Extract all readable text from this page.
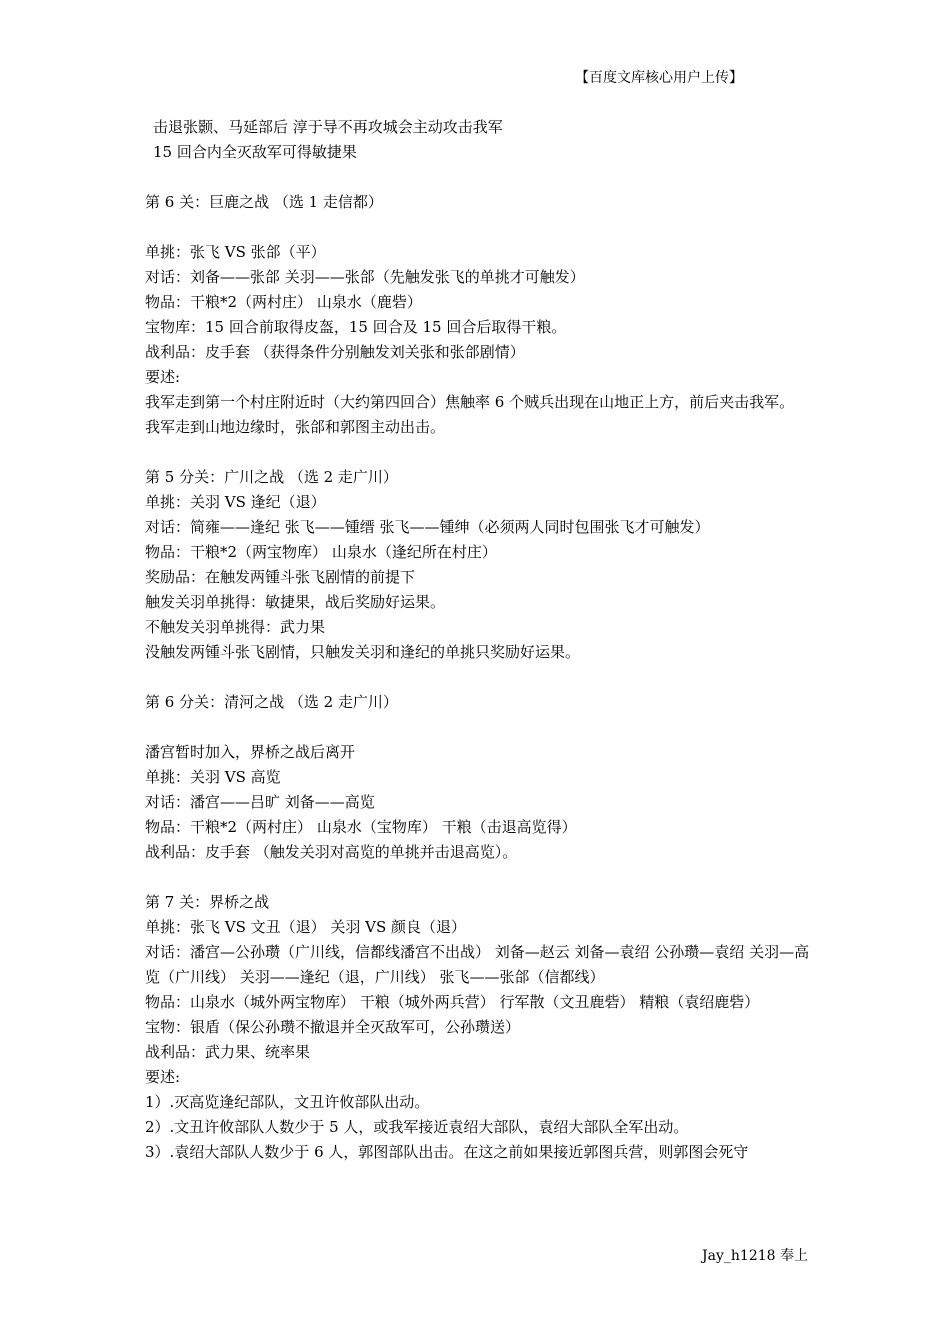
【百度文库核心用户上传】

击退张颢、马延部后 淳于导不再攻城会主动攻击我军

15 回合内全灭敌军可得敏捷果

第 6 关：巨鹿之战 （选 1 走信都）

单挑：张飞 VS 张郃（平）

对话：刘备——张郃 关羽——张郃（先触发张飞的单挑才可触发）

物品：干粮*2（两村庄） 山泉水（鹿砦）

宝物库：15 回合前取得皮盔，15 回合及 15 回合后取得干粮。

战利品：皮手套 （获得条件分别触发刘关张和张郃剧情）

要述:

我军走到第一个村庄附近时（大约第四回合）焦触率 6 个贼兵出现在山地正上方，前后夹击我军。

我军走到山地边缘时，张郃和郭图主动出击。

第 5 分关：广川之战 （选 2 走广川）

单挑：关羽 VS 逢纪（退）

对话：简雍——逢纪 张飞——锺缙 张飞——锺绅（必须两人同时包围张飞才可触发）

物品：干粮*2（两宝物库） 山泉水（逢纪所在村庄）

奖励品：在触发两锺斗张飞剧情的前提下

触发关羽单挑得：敏捷果，战后奖励好运果。

不触发关羽单挑得：武力果

没触发两锺斗张飞剧情，只触发关羽和逢纪的单挑只奖励好运果。

第 6 分关：清河之战 （选 2 走广川）

潘宫暂时加入，界桥之战后离开

单挑：关羽 VS 高览

对话：潘宫——吕旷 刘备——高览

物品：干粮*2（两村庄） 山泉水（宝物库） 干粮（击退高览得）

战利品：皮手套 （触发关羽对高览的单挑并击退高览）。

第 7 关：界桥之战

单挑：张飞 VS 文丑（退） 关羽 VS 颜良（退）

对话：潘宫—公孙瓒（广川线，信都线潘宫不出战） 刘备—赵云 刘备—袁绍 公孙瓒—袁绍 关羽—高览（广川线） 关羽——逢纪（退，广川线） 张飞——张郃（信都线）

物品：山泉水（城外两宝物库） 干粮（城外两兵营） 行军散（文丑鹿砦） 精粮（袁绍鹿砦）

宝物：银盾（保公孙瓒不撤退并全灭敌军可，公孙瓒送）

战利品：武力果、统率果

要述:

1）.灭高览逢纪部队，文丑许攸部队出动。

2）.文丑许攸部队人数少于 5 人，或我军接近袁绍大部队，袁绍大部队全军出动。

3）.袁绍大部队人数少于 6 人，郭图部队出击。在这之前如果接近郭图兵营，则郭图会死守

Jay_h1218 奉上
